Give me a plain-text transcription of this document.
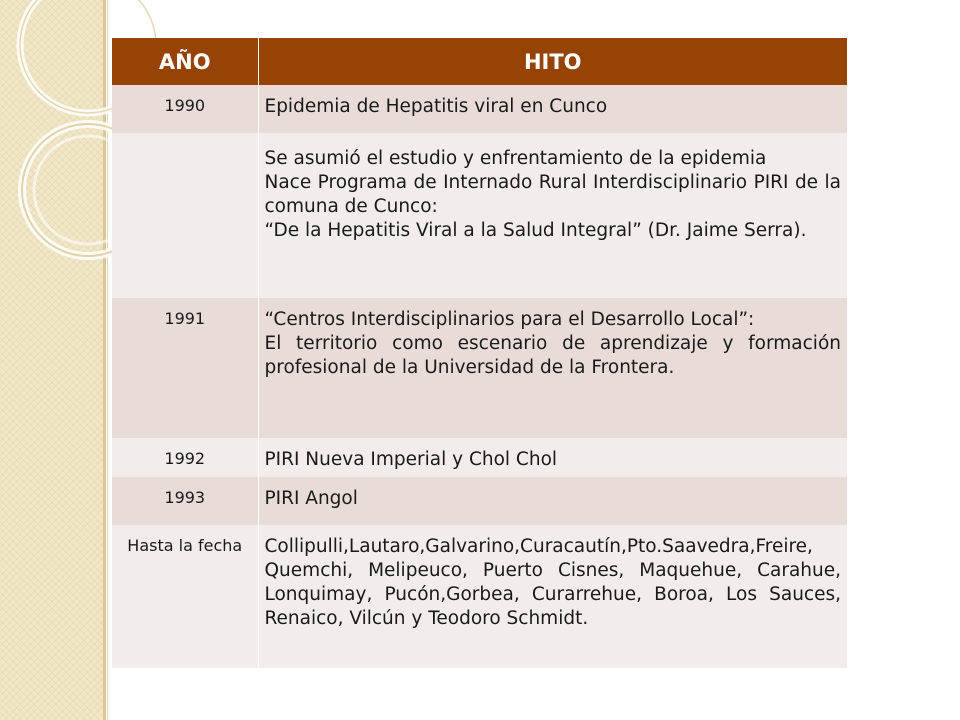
AÑO	HITO
1990	Epidemia de Hepatitis viral en Cunco

	Se asumió el estudio y enfrentamiento de la epidemia
Nace Programa de Internado Rural Interdisciplinario PIRI de la comuna de Cunco:
“De la Hepatitis Viral a la Salud Integral” (Dr. Jaime Serra).

1991	“Centros Interdisciplinarios para el Desarrollo Local”:
El territorio como escenario de aprendizaje y formación profesional de la Universidad de la Frontera.

1992	PIRI Nueva Imperial y Chol Chol

1993	PIRI Angol

Hasta la fecha	Collipulli,Lautaro,Galvarino,Curacautín,Pto.Saavedra,Freire, Quemchi, Melipeuco, Puerto Cisnes, Maquehue, Carahue, Lonquimay, Pucón,Gorbea, Curarrehue, Boroa, Los Sauces, Renaico, Vilcún y Teodoro Schmidt.
